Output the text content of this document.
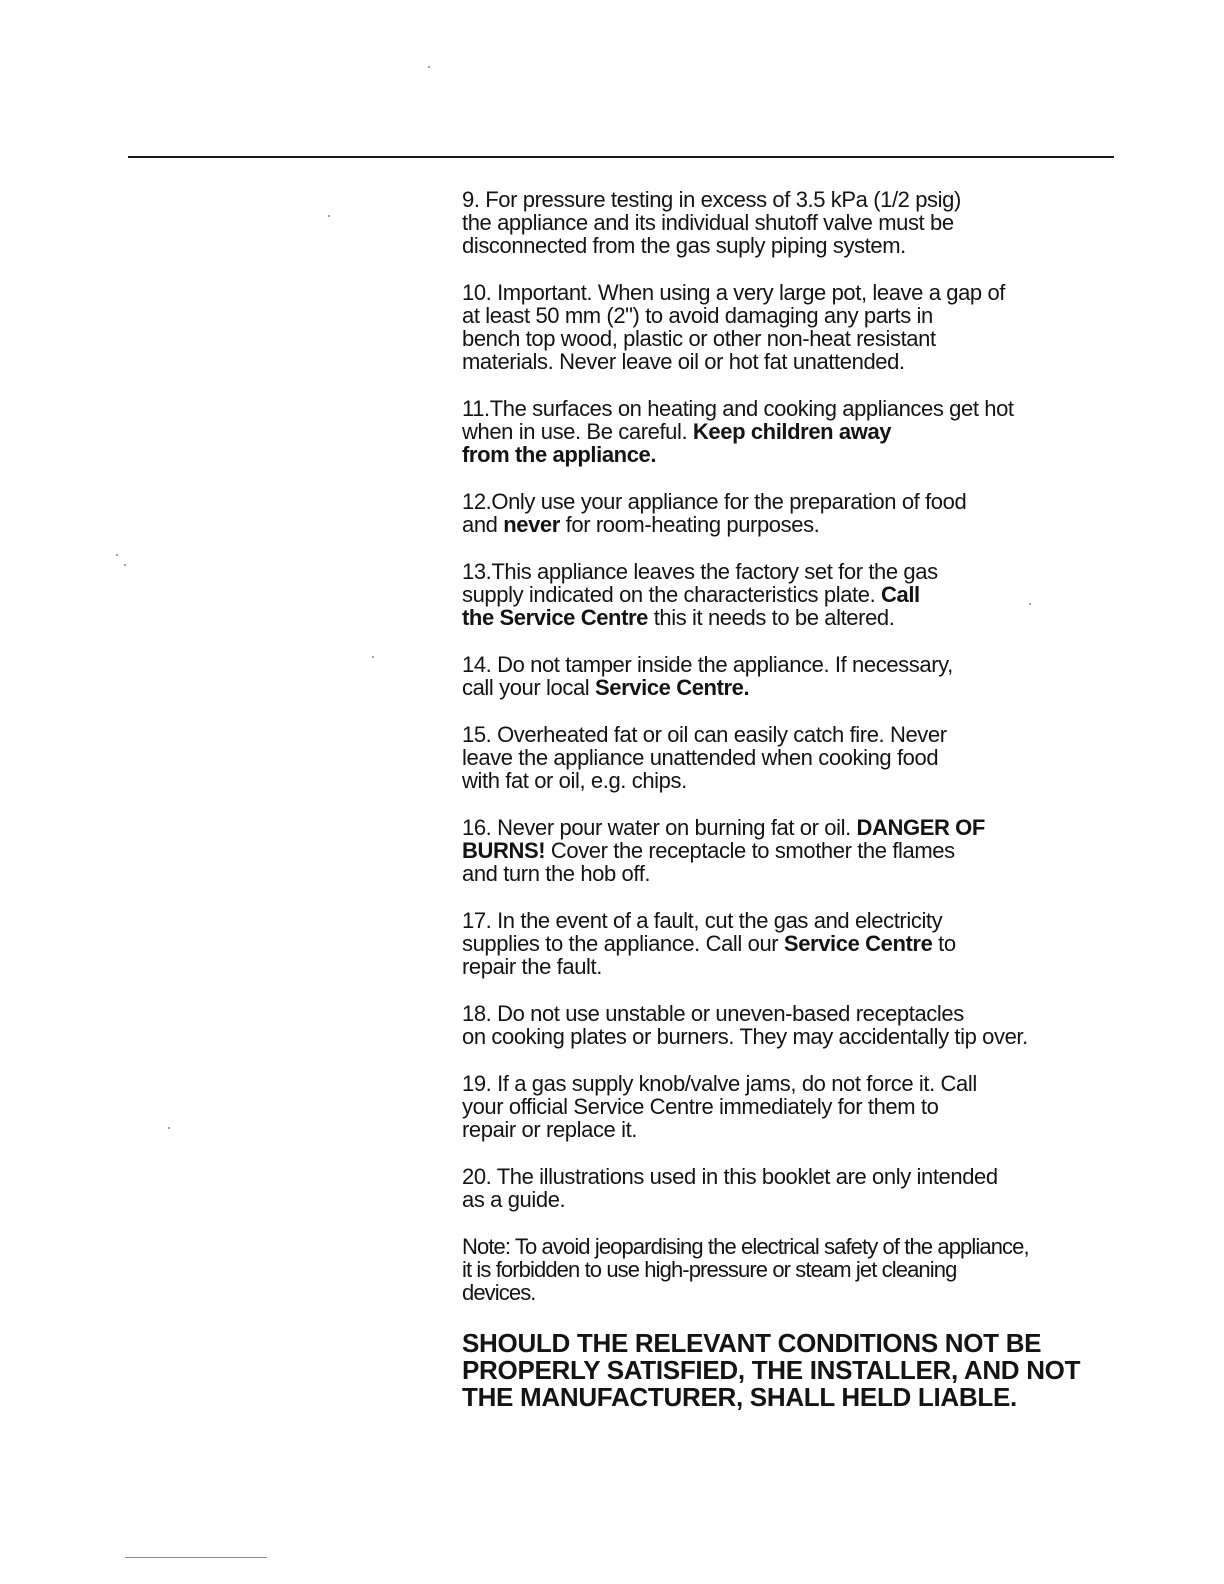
9. For pressure testing in excess of 3.5 kPa (1/2 psig)
the appliance and its individual shutoff valve must be
disconnected from the gas suply piping system.
10. Important. When using a very large pot, leave a gap of
at least 50 mm (2") to avoid damaging any parts in
bench top wood, plastic or other non-heat resistant
materials. Never leave oil or hot fat unattended.
11.The surfaces on heating and cooking appliances get hot
when in use. Be careful. Keep children away
from the appliance.
12.Only use your appliance for the preparation of food
and never for room-heating purposes.
13.This appliance leaves the factory set for the gas
supply indicated on the characteristics plate. Call
the Service Centre this it needs to be altered.
14. Do not tamper inside the appliance. If necessary,
call your local Service Centre.
15. Overheated fat or oil can easily catch fire. Never
leave the appliance unattended when cooking food
with fat or oil, e.g. chips.
16. Never pour water on burning fat or oil. DANGER OF
BURNS! Cover the receptacle to smother the flames
and turn the hob off.
17. In the event of a fault, cut the gas and electricity
supplies to the appliance. Call our Service Centre to
repair the fault.
18. Do not use unstable or uneven-based receptacles
on cooking plates or burners. They may accidentally tip over.
19. If a gas supply knob/valve jams, do not force it. Call
your official Service Centre immediately for them to
repair or replace it.
20. The illustrations used in this booklet are only intended
as a guide.
Note: To avoid jeopardising the electrical safety of the appliance,
it is forbidden to use high-pressure or steam jet cleaning
devices.
SHOULD THE RELEVANT CONDITIONS NOT BE
PROPERLY SATISFIED, THE INSTALLER, AND NOT
THE MANUFACTURER, SHALL HELD LIABLE.
